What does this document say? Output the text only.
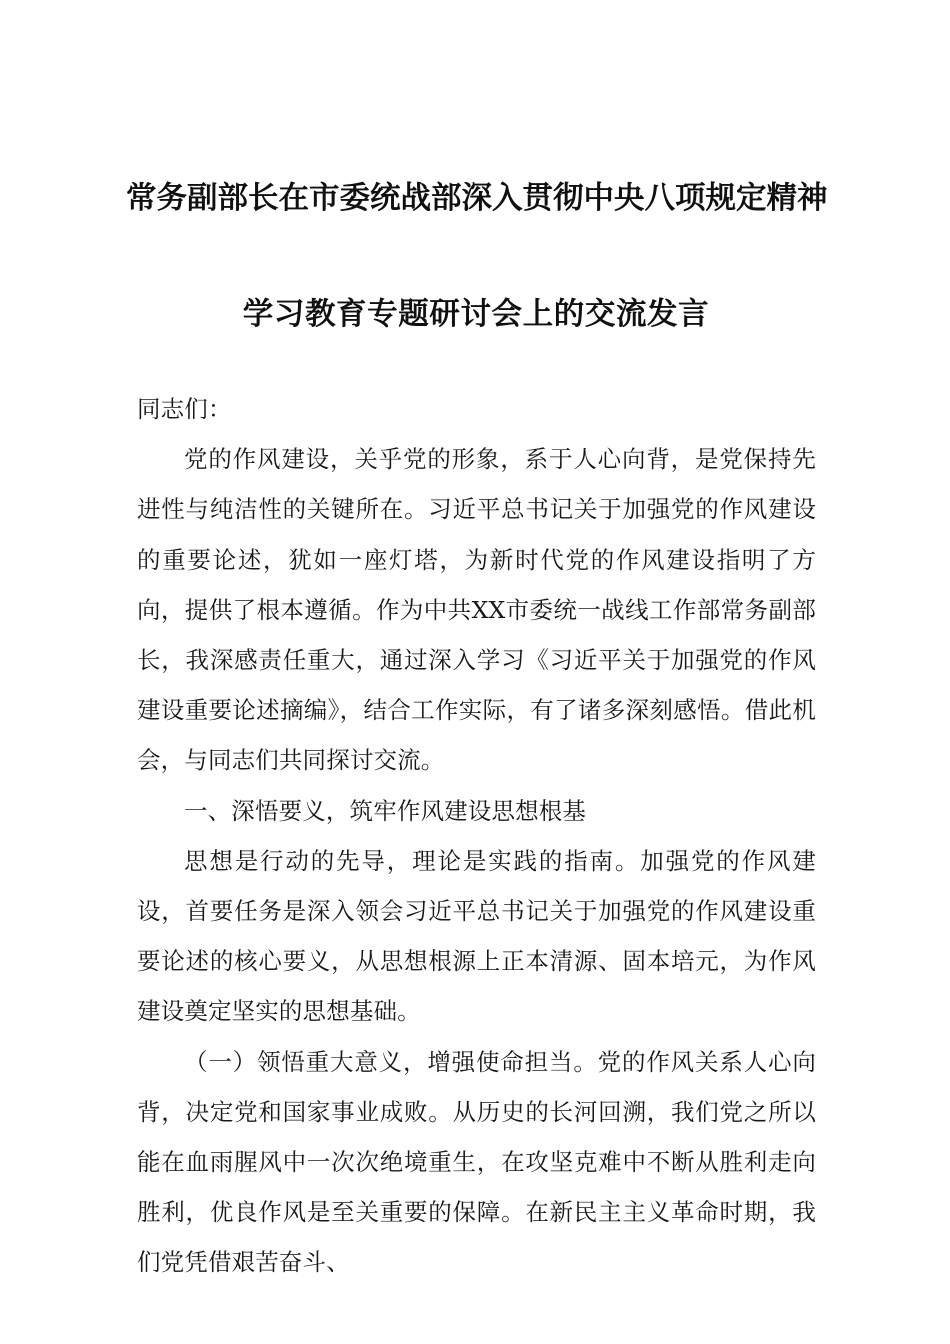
常务副部长在市委统战部深入贯彻中央八项规定精神
学习教育专题研讨会上的交流发言

同志们：

党的作风建设，关乎党的形象，系于人心向背，是党保持先进性与纯洁性的关键所在。习近平总书记关于加强党的作风建设的重要论述，犹如一座灯塔，为新时代党的作风建设指明了方向，提供了根本遵循。作为中共XX市委统一战线工作部常务副部长，我深感责任重大，通过深入学习《习近平关于加强党的作风建设重要论述摘编》，结合工作实际，有了诸多深刻感悟。借此机会，与同志们共同探讨交流。

一、深悟要义，筑牢作风建设思想根基

思想是行动的先导，理论是实践的指南。加强党的作风建设，首要任务是深入领会习近平总书记关于加强党的作风建设重要论述的核心要义，从思想根源上正本清源、固本培元，为作风建设奠定坚实的思想基础。

（一）领悟重大意义，增强使命担当。党的作风关系人心向背，决定党和国家事业成败。从历史的长河回溯，我们党之所以能在血雨腥风中一次次绝境重生，在攻坚克难中不断从胜利走向胜利，优良作风是至关重要的保障。在新民主主义革命时期，我们党凭借艰苦奋斗、
